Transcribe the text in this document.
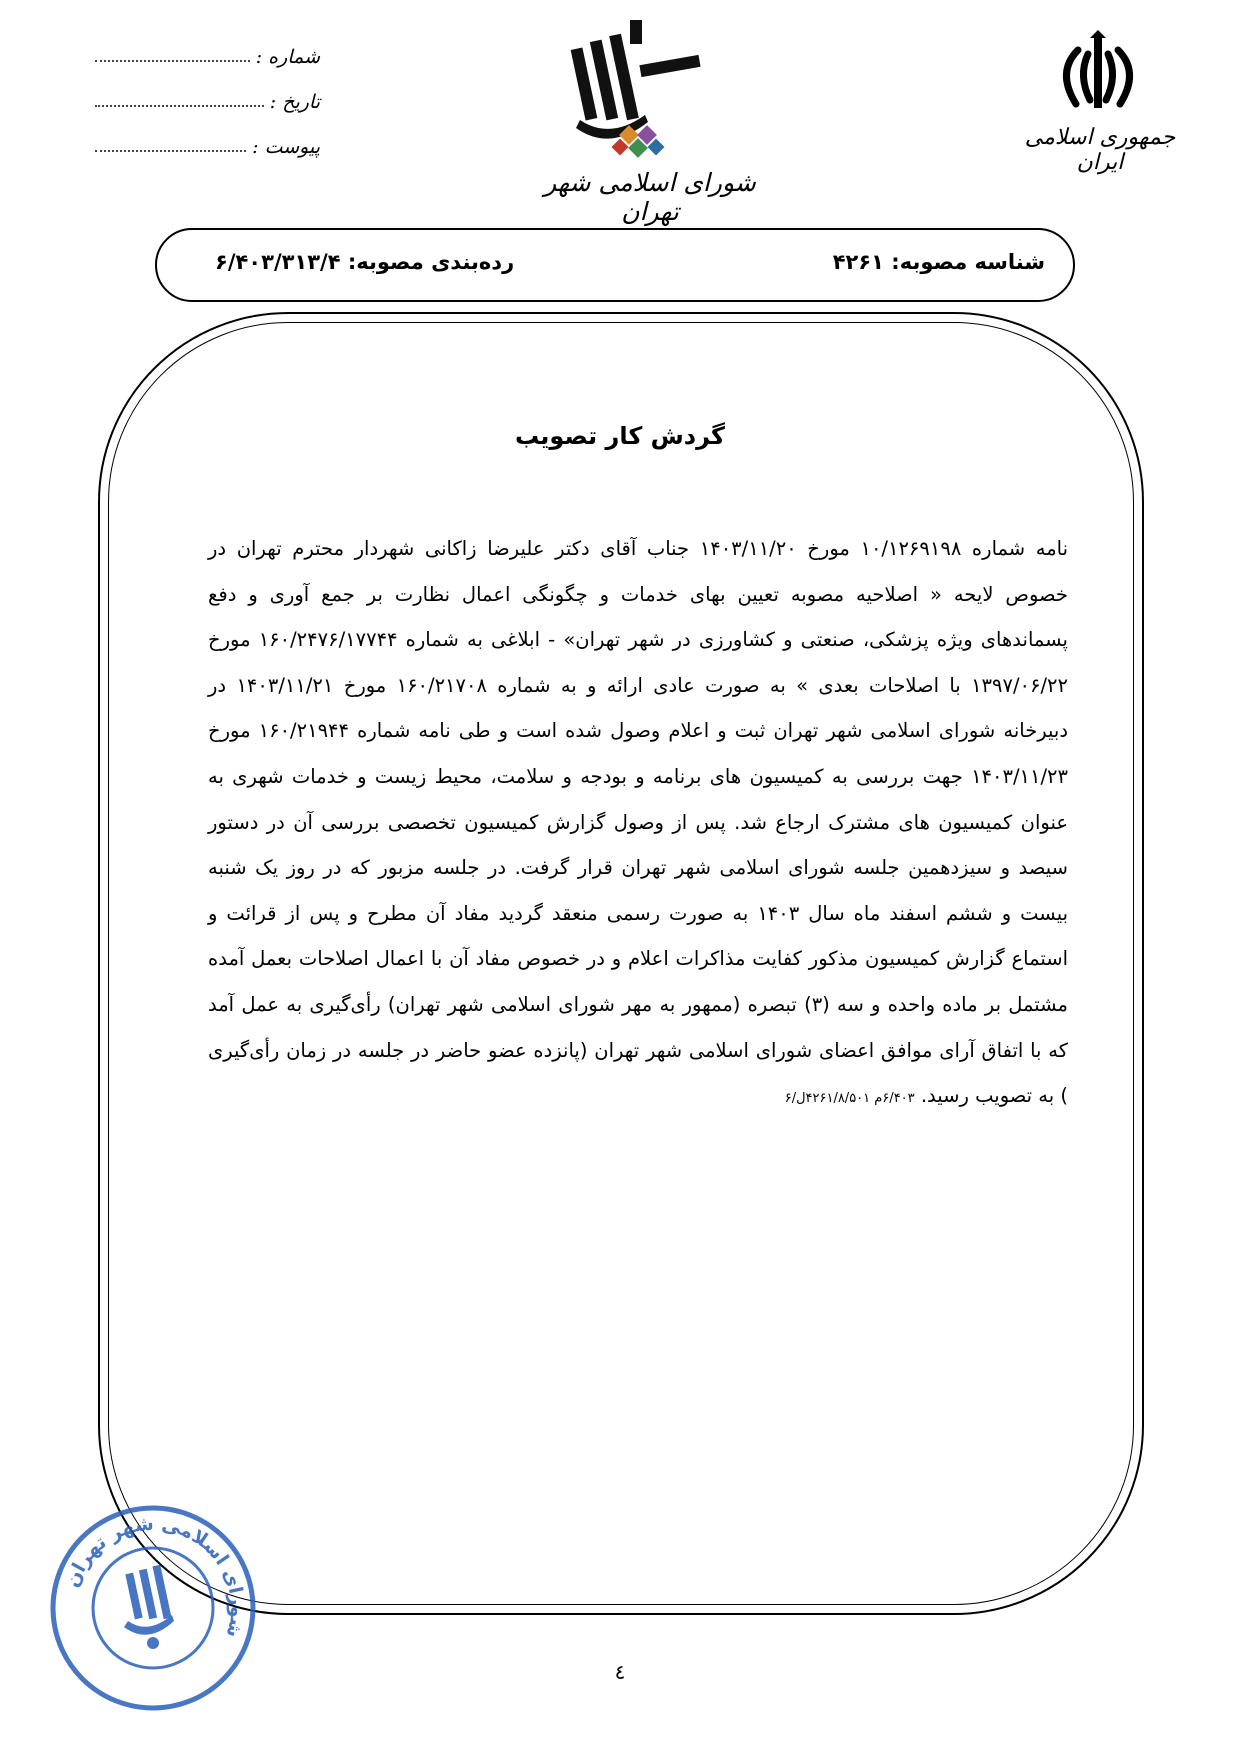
شماره :
تاریخ :
پیوست :
شورای اسلامی شهر تهران
جمهوری اسلامی ایران
شناسه مصوبه: ۴۲۶۱
رده‌بندی مصوبه: ۶/۴۰۳/۳۱۳/۴
گردش کار تصویب
نامه شماره ۱۰/۱۲۶۹۱۹۸ مورخ ۱۴۰۳/۱۱/۲۰ جناب آقای دکتر علیرضا زاکانی شهردار محترم تهران در خصوص لایحه « اصلاحیه مصوبه تعیین بهای خدمات و چگونگی اعمال نظارت بر جمع آوری و دفع پسماندهای ویژه پزشکی، صنعتی و کشاورزی در شهر تهران» - ابلاغی به شماره ۱۶۰/۲۴۷۶/۱۷۷۴۴ مورخ ۱۳۹۷/۰۶/۲۲ با اصلاحات بعدی » به صورت عادی ارائه و به شماره ۱۶۰/۲۱۷۰۸ مورخ ۱۴۰۳/۱۱/۲۱ در دبیرخانه شورای اسلامی شهر تهران ثبت و اعلام وصول شده است و طی نامه شماره ۱۶۰/۲۱۹۴۴ مورخ ۱۴۰۳/۱۱/۲۳ جهت بررسی به کمیسیون های برنامه و بودجه و سلامت، محیط زیست و خدمات شهری به عنوان کمیسیون های مشترک ارجاع شد. پس از وصول گزارش کمیسیون تخصصی بررسی آن در دستور سیصد و سیزدهمین جلسه شورای اسلامی شهر تهران قرار گرفت. در جلسه مزبور که در روز یک شنبه بیست و ششم اسفند ماه سال ۱۴۰۳ به صورت رسمی منعقد گردید مفاد آن مطرح و پس از قرائت و استماع گزارش کمیسیون مذکور کفایت مذاکرات اعلام و در خصوص مفاد آن با اعمال اصلاحات بعمل آمده مشتمل بر ماده واحده و سه (۳) تبصره (ممهور به مهر شورای اسلامی شهر تهران) رأی‌گیری به عمل آمد که با اتفاق آرای موافق اعضای شورای اسلامی شهر تهران (پانزده عضو حاضر در جلسه در زمان رأی‌گیری ) به تصویب رسید. ۶/۴۰۳م ۴۲۶۱/۸/۵۰۱ل/۶
شورای اسلامی شهر تهران
٤
